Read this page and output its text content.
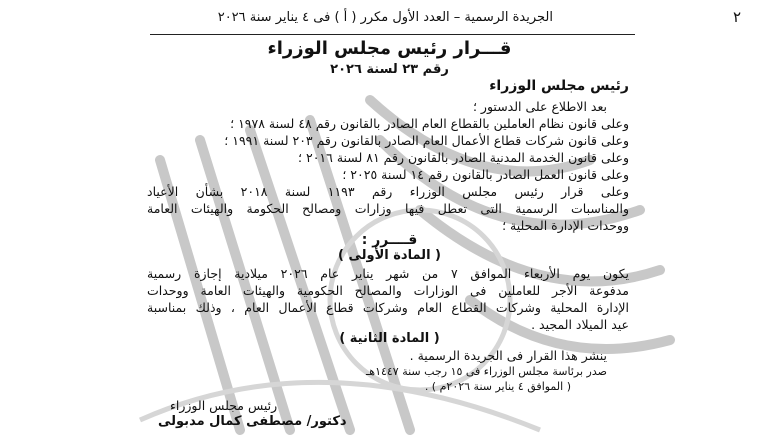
٢
الجريدة الرسمية – العدد الأول مكرر ( أ ) فى ٤ يناير سنة ٢٠٢٦
قـــرار رئيس مجلس الوزراء
رقم ٢٣ لسنة ٢٠٢٦
رئيس مجلس الوزراء
بعد الاطلاع على الدستور ؛
وعلى قانون نظام العاملين بالقطاع العام الصادر بالقانون رقم ٤٨ لسنة ١٩٧٨ ؛
وعلى قانون شركات قطاع الأعمال العام الصادر بالقانون رقم ٢٠٣ لسنة ١٩٩١ ؛
وعلى قانون الخدمة المدنية الصادر بالقانون رقم ٨١ لسنة ٢٠١٦ ؛
وعلى قانون العمل الصادر بالقانون رقم ١٤ لسنة ٢٠٢٥ ؛
وعلى قرار رئيس مجلس الوزراء رقم ١١٩٣ لسنة ٢٠١٨ بشأن الأعياد
والمناسبات الرسمية التى تعطل فيها وزارات ومصالح الحكومة والهيئات العامة
ووحدات الإدارة المحلية ؛
قــــرر :
( المادة الأولى )
يكون يوم الأربعاء الموافق ٧ من شهر يناير عام ٢٠٢٦ ميلادية إجازة رسمية
مدفوعة الأجر للعاملين فى الوزارات والمصالح الحكومية والهيئات العامة ووحدات
الإدارة المحلية وشركات القطاع العام وشركات قطاع الأعمال العام ، وذلك بمناسبة
عيد الميلاد المجيد .
( المادة الثانية )
ينشر هذا القرار فى الجريدة الرسمية .
صدر برئاسة مجلس الوزراء فى ١٥ رجب سنة ١٤٤٧هـ
( الموافق ٤ يناير سنة ٢٠٢٦م ) .
رئيس مجلس الوزراء
دكتور/ مصطفى كمال مدبولى
